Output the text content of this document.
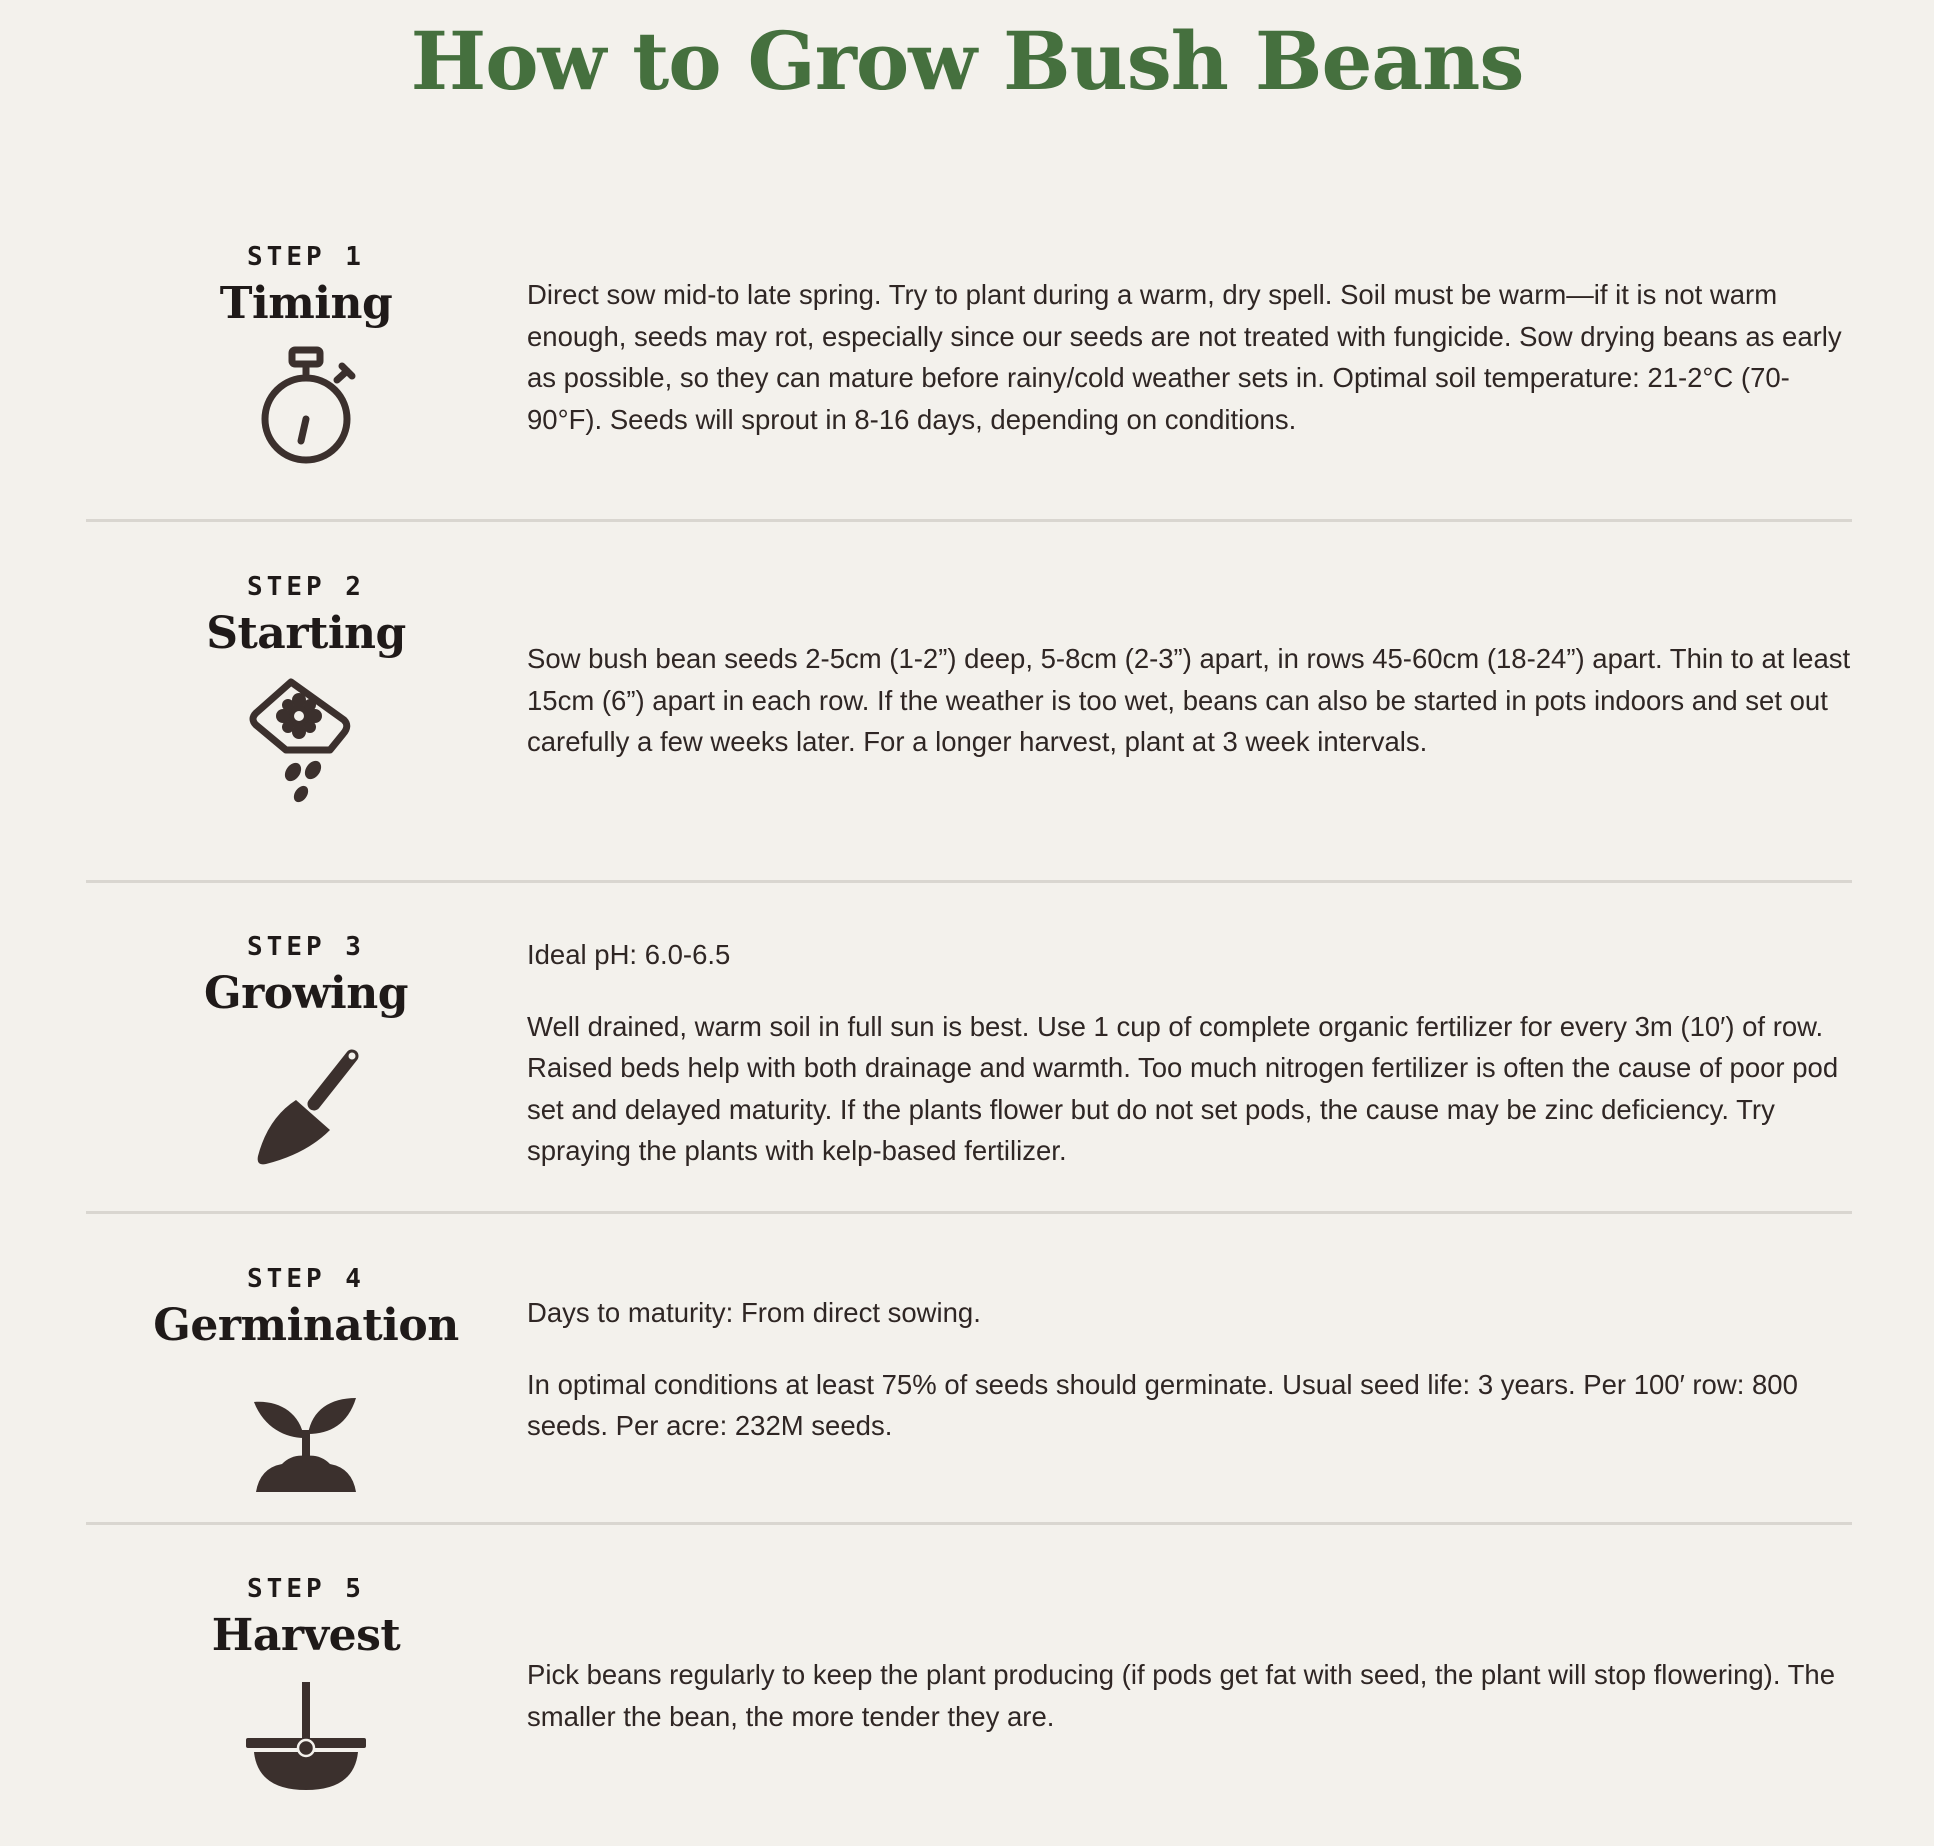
How to Grow Bush Beans
STEP 1
Timing	Direct sow mid-to late spring. Try to plant during a warm, dry spell. Soil must be warm—if it is not warm enough, seeds may rot, especially since our seeds are not treated with fungicide. Sow drying beans as early as possible, so they can mature before rainy/cold weather sets in. Optimal soil temperature: 21-2°C (70-90°F). Seeds will sprout in 8-16 days, depending on conditions.

STEP 2
Starting	Sow bush bean seeds 2-5cm (1-2”) deep, 5-8cm (2-3”) apart, in rows 45-60cm (18-24”) apart. Thin to at least 15cm (6”) apart in each row. If the weather is too wet, beans can also be started in pots indoors and set out carefully a few weeks later. For a longer harvest, plant at 3 week intervals.

STEP 3
Growing

Ideal pH: 6.0-6.5

Well drained, warm soil in full sun is best. Use 1 cup of complete organic fertilizer for every 3m (10′) of row. Raised beds help with both drainage and warmth. Too much nitrogen fertilizer is often the cause of poor pod set and delayed maturity. If the plants flower but do not set pods, the cause may be zinc deficiency. Try spraying the plants with kelp-based fertilizer.

STEP 4
Germination	Days to maturity: From direct sowing.

In optimal conditions at least 75% of seeds should germinate. Usual seed life: 3 years. Per 100′ row: 800 seeds. Per acre: 232M seeds.

STEP 5
Harvest

Pick beans regularly to keep the plant producing (if pods get fat with seed, the plant will stop flowering). The smaller the bean, the more tender they are.
